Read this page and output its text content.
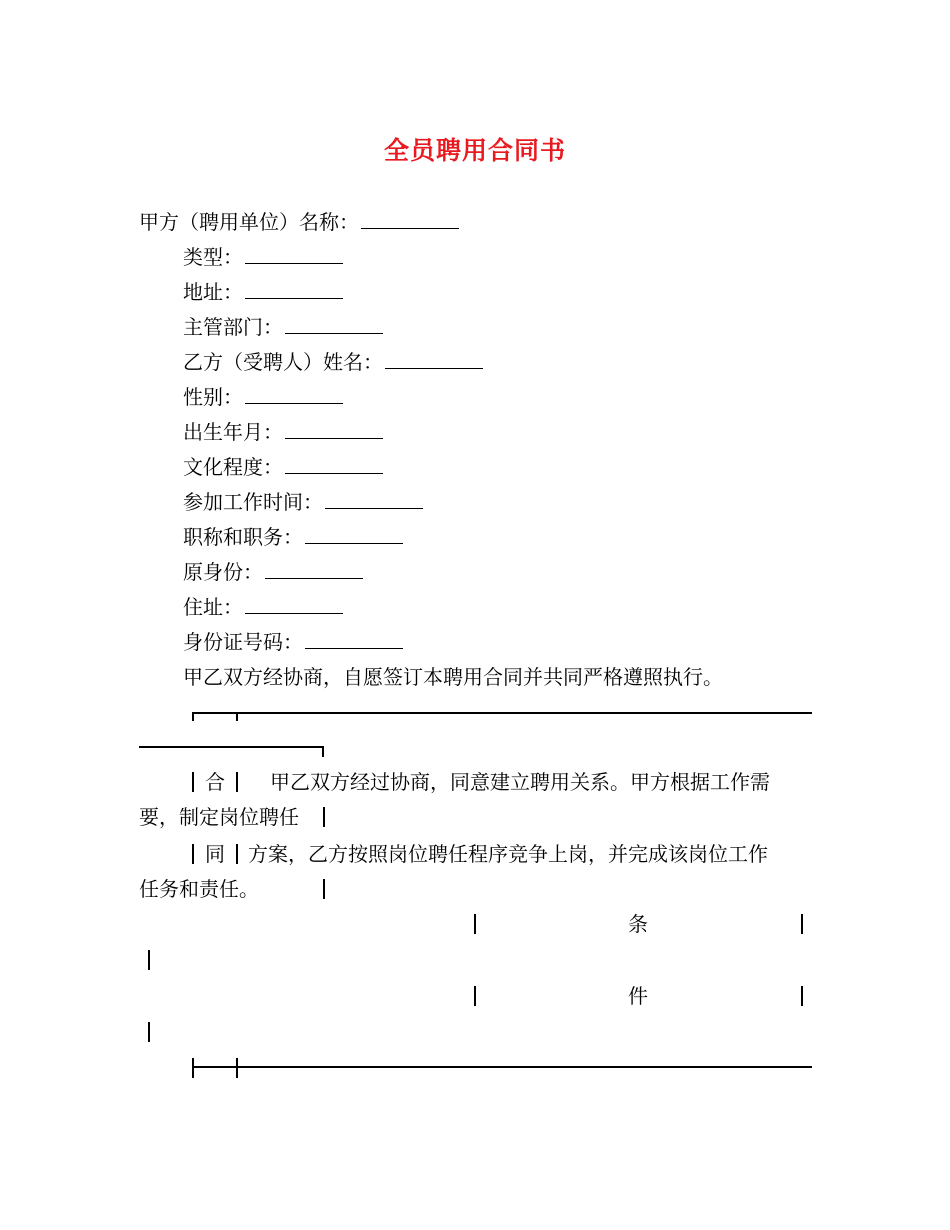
全员聘用合同书
甲方（聘用单位）名称：
类型：
地址：
主管部门：
乙方（受聘人）姓名：
性别：
出生年月：
文化程度：
参加工作时间：
职称和职务：
原身份：
住址：
身份证号码：
甲乙双方经协商，自愿签订本聘用合同并共同严格遵照执行。
合 甲乙双方经过协商，同意建立聘用关系。甲方根据工作需
要，制定岗位聘任
同 方案，乙方按照岗位聘任程序竞争上岗，并完成该岗位工作
任务和责任。
条
件
